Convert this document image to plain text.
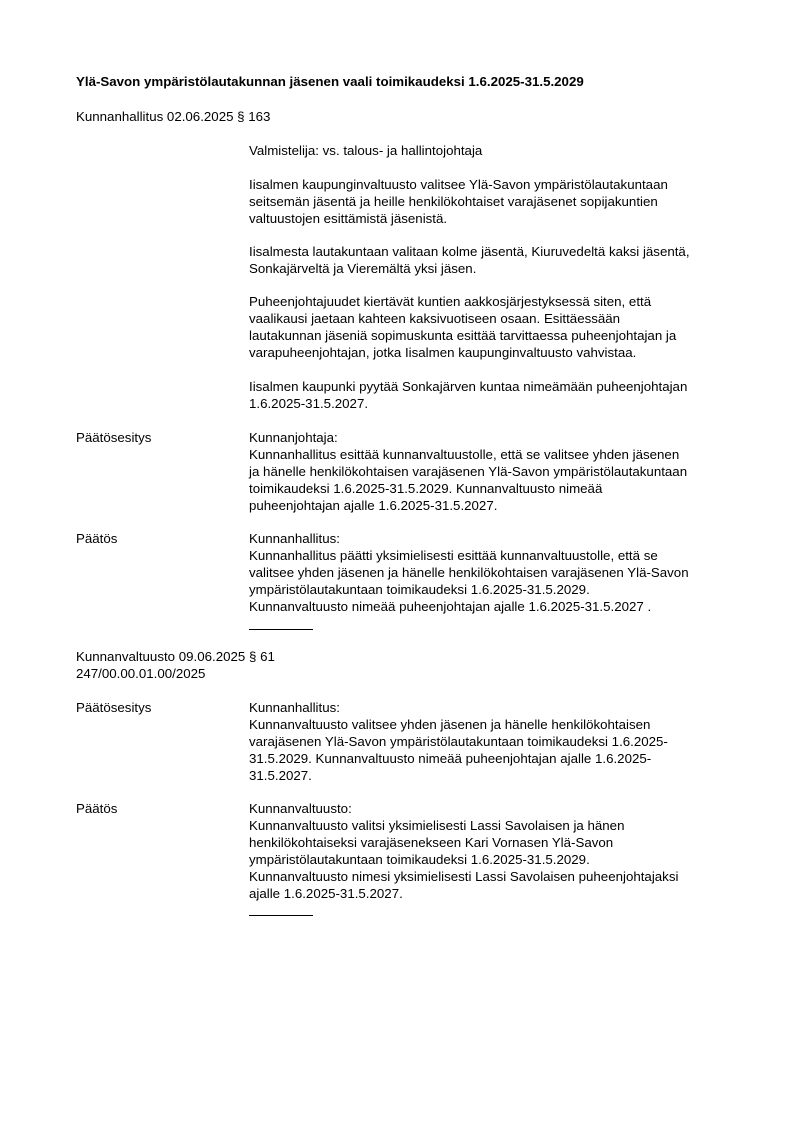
Ylä-Savon ympäristölautakunnan jäsenen vaali toimikaudeksi 1.6.2025-31.5.2029
Kunnanhallitus 02.06.2025 § 163
Valmistelija: vs. talous- ja hallintojohtaja
Iisalmen kaupunginvaltuusto valitsee Ylä-Savon ympäristölautakuntaan
seitsemän jäsentä ja heille henkilökohtaiset varajäsenet sopijakuntien
valtuustojen esittämistä jäsenistä.
Iisalmesta lautakuntaan valitaan kolme jäsentä, Kiuruvedeltä kaksi jäsentä,
Sonkajärveltä ja Vieremältä yksi jäsen.
Puheenjohtajuudet kiertävät kuntien aakkosjärjestyksessä siten, että
vaalikausi jaetaan kahteen kaksivuotiseen osaan. Esittäessään
lautakunnan jäseniä sopimuskunta esittää tarvittaessa puheenjohtajan ja
varapuheenjohtajan, jotka Iisalmen kaupunginvaltuusto vahvistaa.
Iisalmen kaupunki pyytää Sonkajärven kuntaa nimeämään puheenjohtajan
1.6.2025-31.5.2027.
Päätösesitys	Kunnanjohtaja:
Kunnanhallitus esittää kunnanvaltuustolle, että se valitsee yhden jäsenen
ja hänelle henkilökohtaisen varajäsenen Ylä-Savon ympäristölautakuntaan
toimikaudeksi 1.6.2025-31.5.2029. Kunnanvaltuusto nimeää
puheenjohtajan ajalle 1.6.2025-31.5.2027.
Päätös	Kunnanhallitus:
Kunnanhallitus päätti yksimielisesti esittää kunnanvaltuustolle, että se
valitsee yhden jäsenen ja hänelle henkilökohtaisen varajäsenen Ylä-Savon
ympäristölautakuntaan toimikaudeksi 1.6.2025-31.5.2029.
Kunnanvaltuusto nimeää puheenjohtajan ajalle 1.6.2025-31.5.2027 .
Kunnanvaltuusto 09.06.2025 § 61
247/00.00.01.00/2025
Päätösesitys	Kunnanhallitus:
Kunnanvaltuusto valitsee yhden jäsenen ja hänelle henkilökohtaisen
varajäsenen Ylä-Savon ympäristölautakuntaan toimikaudeksi 1.6.2025-
31.5.2029. Kunnanvaltuusto nimeää puheenjohtajan ajalle 1.6.2025-
31.5.2027.
Päätös	Kunnanvaltuusto:
Kunnanvaltuusto valitsi yksimielisesti Lassi Savolaisen ja hänen
henkilökohtaiseksi varajäsenekseen Kari Vornasen Ylä-Savon
ympäristölautakuntaan toimikaudeksi 1.6.2025-31.5.2029.
Kunnanvaltuusto nimesi yksimielisesti Lassi Savolaisen puheenjohtajaksi
ajalle 1.6.2025-31.5.2027.
